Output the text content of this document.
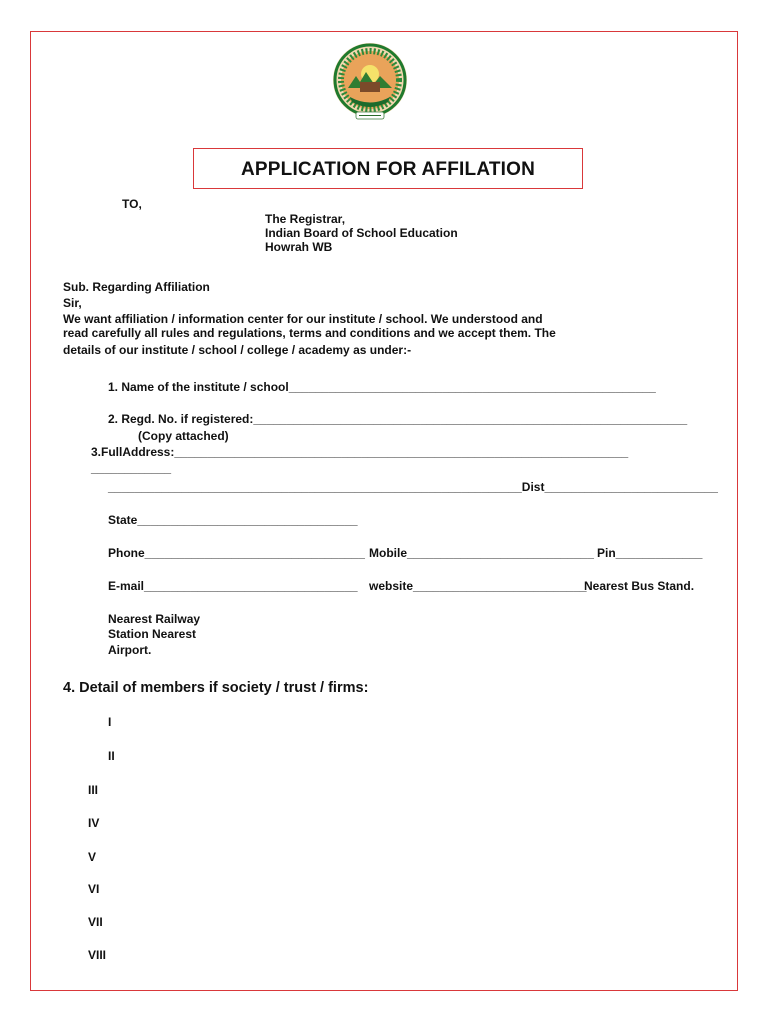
APPLICATION FOR AFFILATION
TO,
The Registrar,
Indian Board of School Education
Howrah WB
Sub. Regarding Affiliation
Sir,
We want affiliation / information center for our institute / school. We understood and
read carefully all rules and regulations, terms and conditions and we accept them. The
details of our institute / school / college / academy as under:-
1. Name of the institute / school_______________________________________________________
2. Regd. No. if registered:_________________________________________________________________
(Copy attached)
3.FullAddress:____________________________________________________________________
____________
______________________________________________________________Dist__________________________
State_________________________________
Phone_________________________________ Mobile____________________________ Pin_____________
E-mail________________________________ website__________________________
Nearest Bus Stand.
Nearest Railway
Station Nearest
Airport.
4. Detail of members if society / trust / firms:
I
II
III
IV
V
VI
VII
VIII
